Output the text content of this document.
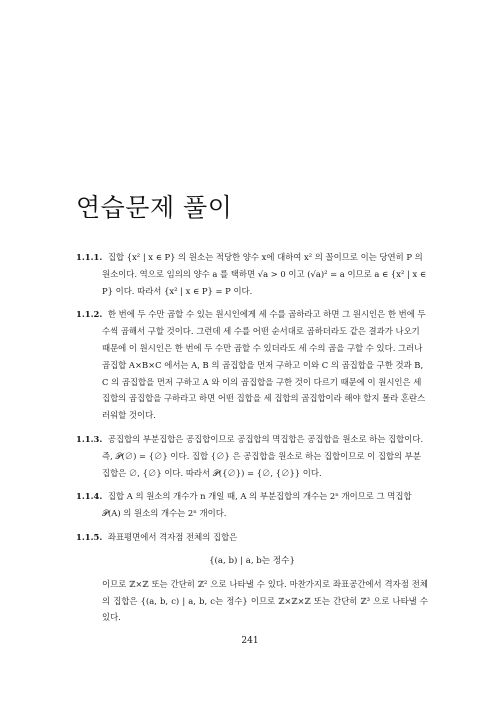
연습문제 풀이
1.1.1. 집합 {x² | x ∈ P} 의 원소는 적당한 양수 x에 대하여 x² 의 꼴이므로 이는 당연히 P 의 원소이다. 역으로 임의의 양수 a 를 택하면 √a > 0 이고 (√a)² = a 이므로 a ∈ {x² | x ∈ P} 이다. 따라서 {x² | x ∈ P} = P 이다.
1.1.2. 한 번에 두 수만 곱할 수 있는 원시인에게 세 수를 곱하라고 하면 그 원시인은 한 번에 두 수씩 곱해서 구할 것이다. 그런데 세 수를 어떤 순서대로 곱하더라도 같은 결과가 나오기 때문에 이 원시인은 한 번에 두 수만 곱할 수 있더라도 세 수의 곱을 구할 수 있다. 그러나 곱집합 A×B×C 에서는 A, B 의 곱집합을 먼저 구하고 이와 C 의 곱집합을 구한 것과 B, C 의 곱집합을 먼저 구하고 A 와 이의 곱집합을 구한 것이 다르기 때문에 이 원시인은 세 집합의 곱집합을 구하라고 하면 어떤 집합을 세 집합의 곱집합이라 해야 할지 몰라 혼란스러워할 것이다.
1.1.3. 공집합의 부분집합은 공집합이므로 공집합의 멱집합은 공집합을 원소로 하는 집합이다. 즉, 𝒫(∅) = {∅} 이다. 집합 {∅} 은 공집합을 원소로 하는 집합이므로 이 집합의 부분집합은 ∅, {∅} 이다. 따라서 𝒫({∅}) = {∅, {∅}} 이다.
1.1.4. 집합 A 의 원소의 개수가 n 개일 때, A 의 부분집합의 개수는 2ⁿ 개이므로 그 멱집합 𝒫(A) 의 원소의 개수는 2ⁿ 개이다.
1.1.5. 좌표평면에서 격자점 전체의 집합은
{(a, b) | a, b는 정수}
이므로 ℤ×ℤ 또는 간단히 ℤ² 으로 나타낼 수 있다. 마찬가지로 좌표공간에서 격자점 전체의 집합은 {(a, b, c) | a, b, c는 정수} 이므로 ℤ×ℤ×ℤ 또는 간단히 ℤ³ 으로 나타낼 수 있다.
241
